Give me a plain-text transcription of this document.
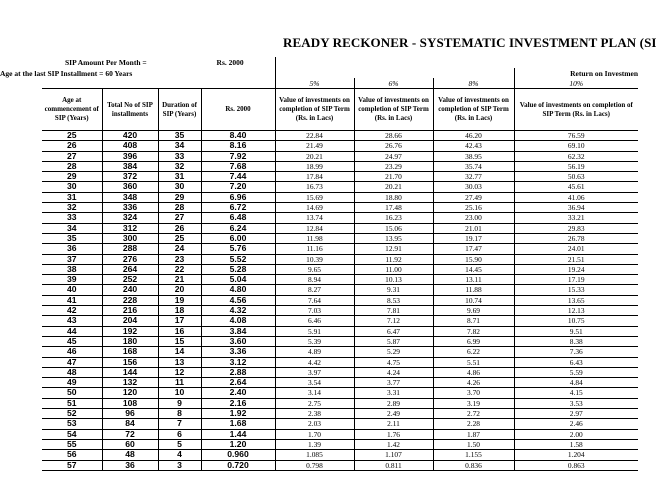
READY RECKONER - SYSTEMATIC INVESTMENT PLAN (SI
SIP Amount Per Month = Rs. 2000							
Age at the last SIP Installment = 60 Years							Return on Investmen
				5%	6%	8%	10%
Age at commencement of SIP (Years)	Total No of SIP installments	Duration of SIP (Years)	Rs. 2000	Value of investments on completion of SIP Term (Rs. in Lacs)	Value of investments on completion of SIP Term (Rs. in Lacs)	Value of investments on completion of SIP Term (Rs. in Lacs)	Value of investments on completion of SIP Term (Rs. in Lacs)
25	420	35	8.40	22.84	28.66	46.20	76.59
26	408	34	8.16	21.49	26.76	42.43	69.10
27	396	33	7.92	20.21	24.97	38.95	62.32
28	384	32	7.68	18.99	23.29	35.74	56.19
29	372	31	7.44	17.84	21.70	32.77	50.63
30	360	30	7.20	16.73	20.21	30.03	45.61
31	348	29	6.96	15.69	18.80	27.49	41.06
32	336	28	6.72	14.69	17.48	25.16	36.94
33	324	27	6.48	13.74	16.23	23.00	33.21
34	312	26	6.24	12.84	15.06	21.01	29.83
35	300	25	6.00	11.98	13.95	19.17	26.78
36	288	24	5.76	11.16	12.91	17.47	24.01
37	276	23	5.52	10.39	11.92	15.90	21.51
38	264	22	5.28	9.65	11.00	14.45	19.24
39	252	21	5.04	8.94	10.13	13.11	17.19
40	240	20	4.80	8.27	9.31	11.88	15.33
41	228	19	4.56	7.64	8.53	10.74	13.65
42	216	18	4.32	7.03	7.81	9.69	12.13
43	204	17	4.08	6.46	7.12	8.71	10.75
44	192	16	3.84	5.91	6.47	7.82	9.51
45	180	15	3.60	5.39	5.87	6.99	8.38
46	168	14	3.36	4.89	5.29	6.22	7.36
47	156	13	3.12	4.42	4.75	5.51	6.43
48	144	12	2.88	3.97	4.24	4.86	5.59
49	132	11	2.64	3.54	3.77	4.26	4.84
50	120	10	2.40	3.14	3.31	3.70	4.15
51	108	9	2.16	2.75	2.89	3.19	3.53
52	96	8	1.92	2.38	2.49	2.72	2.97
53	84	7	1.68	2.03	2.11	2.28	2.46
54	72	6	1.44	1.70	1.76	1.87	2.00
55	60	5	1.20	1.39	1.42	1.50	1.58
56	48	4	0.960	1.085	1.107	1.155	1.204
57	36	3	0.720	0.798	0.811	0.836	0.863
